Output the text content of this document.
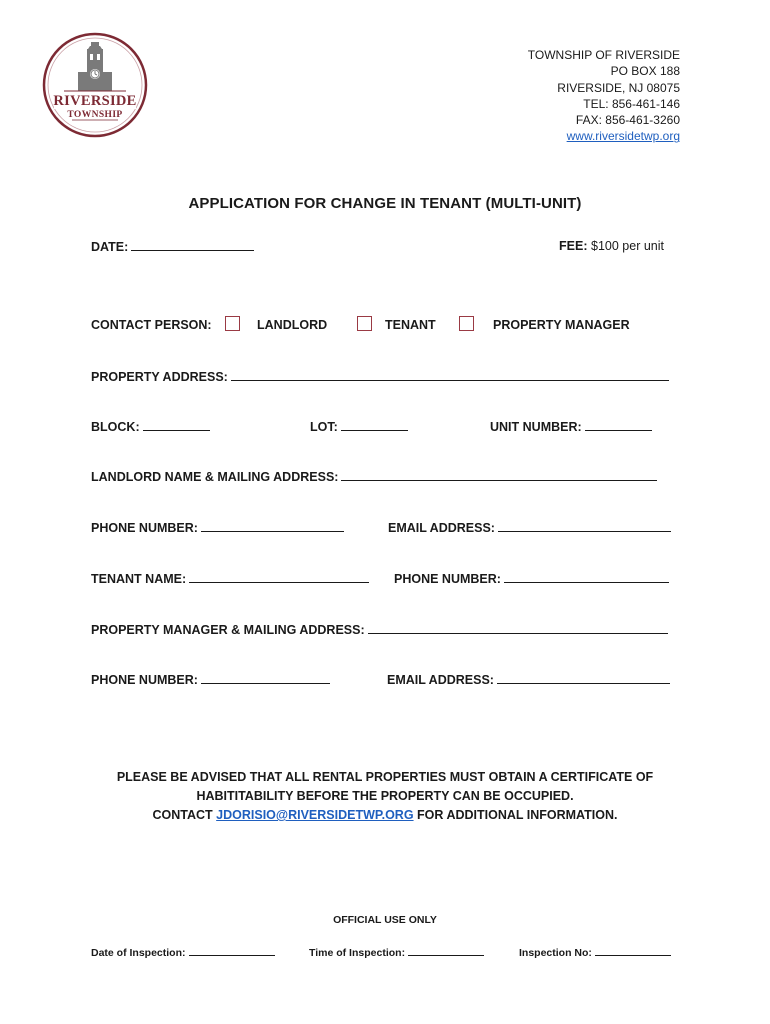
RIVERSIDE
TOWNSHIP
TOWNSHIP OF RIVERSIDE
PO BOX 188
RIVERSIDE, NJ 08075
TEL: 856-461-146
FAX: 856-461-3260
www.riversidetwp.org
APPLICATION FOR CHANGE IN TENANT (MULTI-UNIT)
DATE:	FEE: $100 per unit
CONTACT PERSON:	LANDLORD	TENANT	PROPERTY MANAGER
PROPERTY ADDRESS:
BLOCK:	LOT:	UNIT NUMBER:
LANDLORD NAME & MAILING ADDRESS:
PHONE NUMBER:	EMAIL ADDRESS:
TENANT NAME:	PHONE NUMBER:
PROPERTY MANAGER & MAILING ADDRESS:
PHONE NUMBER:	EMAIL ADDRESS:
PLEASE BE ADVISED THAT ALL RENTAL PROPERTIES MUST OBTAIN A CERTIFICATE OF
HABITITABILITY BEFORE THE PROPERTY CAN BE OCCUPIED.
CONTACT JDORISIO@RIVERSIDETWP.ORG FOR ADDITIONAL INFORMATION.
OFFICIAL USE ONLY
Date of Inspection:	Time of Inspection:	Inspection No:
